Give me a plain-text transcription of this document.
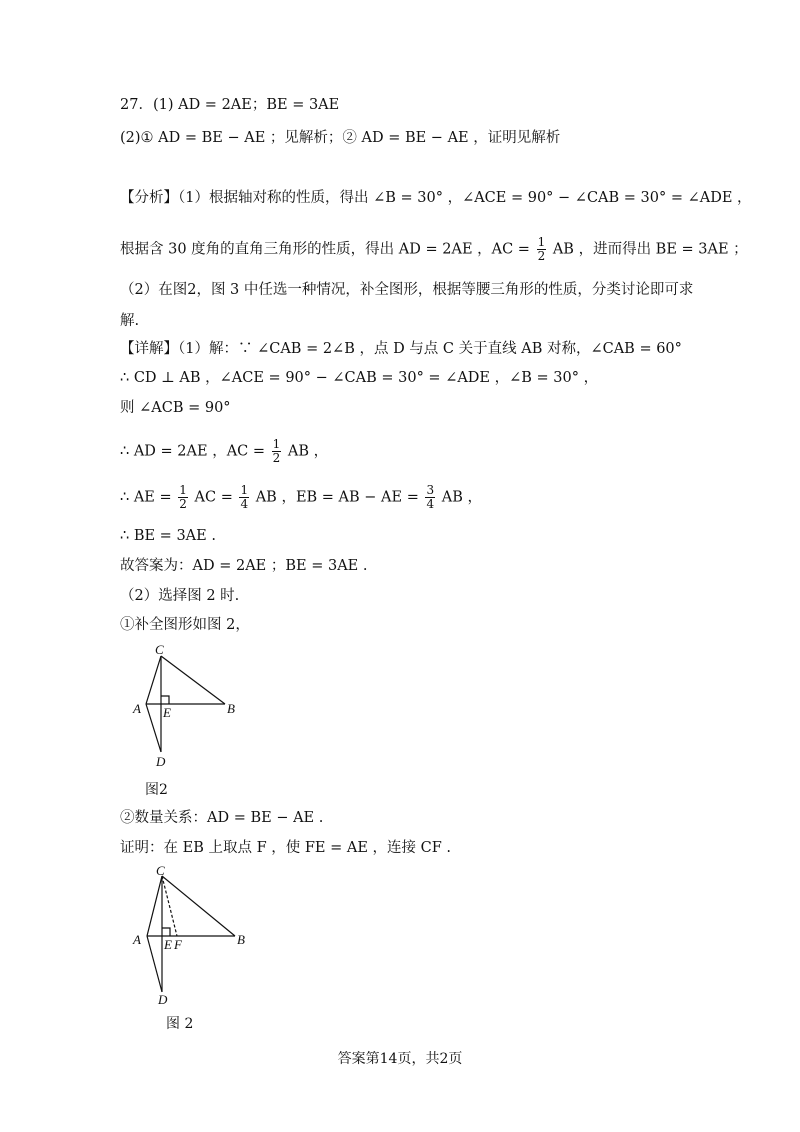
27．(1) AD = 2AE；BE = 3AE
(2)① AD = BE − AE ；见解析；② AD = BE − AE ，证明见解析
【分析】（1）根据轴对称的性质，得出 ∠B = 30° ，∠ACE = 90° − ∠CAB = 30° = ∠ADE ，
根据含 30 度角的直角三角形的性质，得出 AD = 2AE ，AC = $\frac{1}{2}$ AB ，进而得出 BE = 3AE ；
（2）在图2，图 3 中任选一种情况，补全图形，根据等腰三角形的性质，分类讨论即可求
解.
【详解】（1）解：∵ ∠CAB = 2∠B ，点 D 与点 C 关于直线 AB 对称，∠CAB = 60°
∴ CD ⊥ AB ，∠ACE = 90° − ∠CAB = 30° = ∠ADE ，∠B = 30° ，
则 ∠ACB = 90°
∴ AD = 2AE ，AC = $\frac{1}{2}$ AB ，
∴ AE = $\frac{1}{2}$ AC = $\frac{1}{4}$ AB ，EB = AB − AE = $\frac{3}{4}$ AB ，
∴ BE = 3AE .
故答案为：AD = 2AE ；BE = 3AE .
（2）选择图 2 时.
①补全图形如图 2，
C
A E	B
D
图2
②数量关系：AD = BE − AE .
证明：在 EB 上取点 F ，使 FE = AE ，连接 CF .
C
A E F	B
D
图 2
答案第14页，共2页
